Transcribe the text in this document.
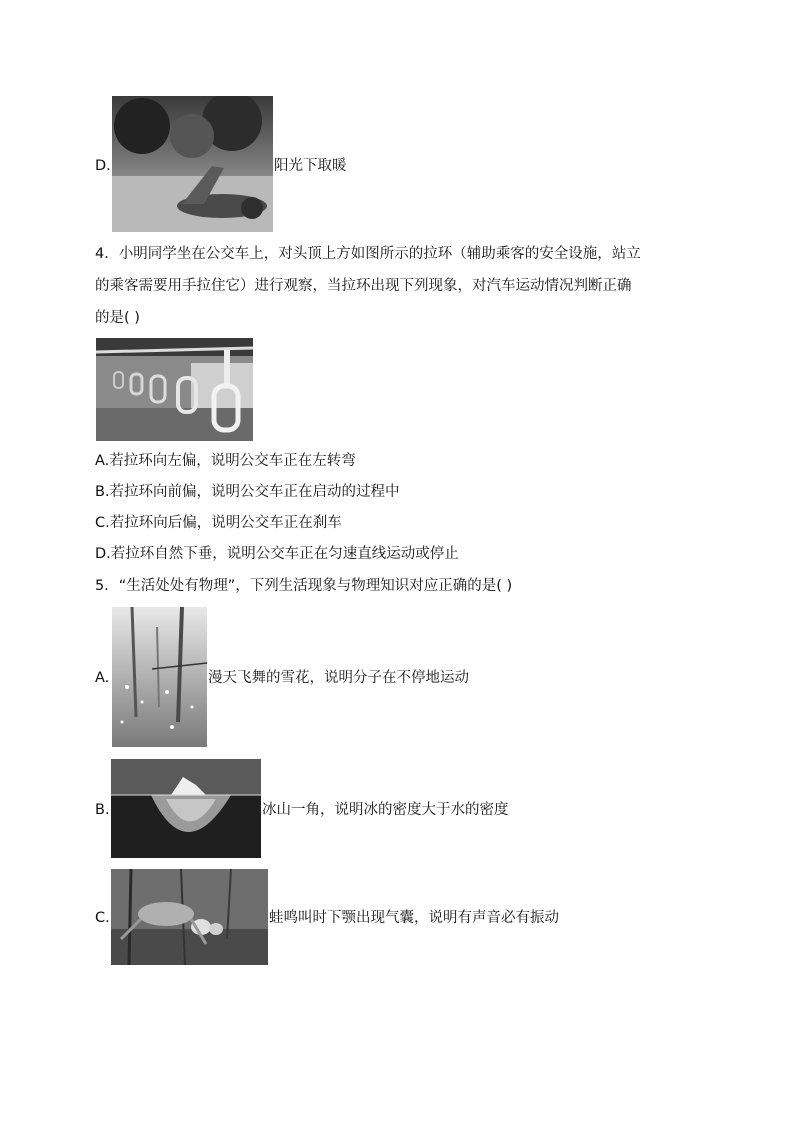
D.	阳光下取暖
4．小明同学坐在公交车上，对头顶上方如图所示的拉环（辅助乘客的安全设施，站立
的乘客需要用手拉住它）进行观察，当拉环出现下列现象，对汽车运动情况判断正确
的是( )
A.若拉环向左偏，说明公交车正在左转弯
B.若拉环向前偏，说明公交车正在启动的过程中
C.若拉环向后偏，说明公交车正在刹车
D.若拉环自然下垂，说明公交车正在匀速直线运动或停止
5．“生活处处有物理”，下列生活现象与物理知识对应正确的是( )
A.	漫天飞舞的雪花，说明分子在不停地运动
B.	冰山一角，说明冰的密度大于水的密度
C.	蛙鸣叫时下颚出现气囊，说明有声音必有振动
